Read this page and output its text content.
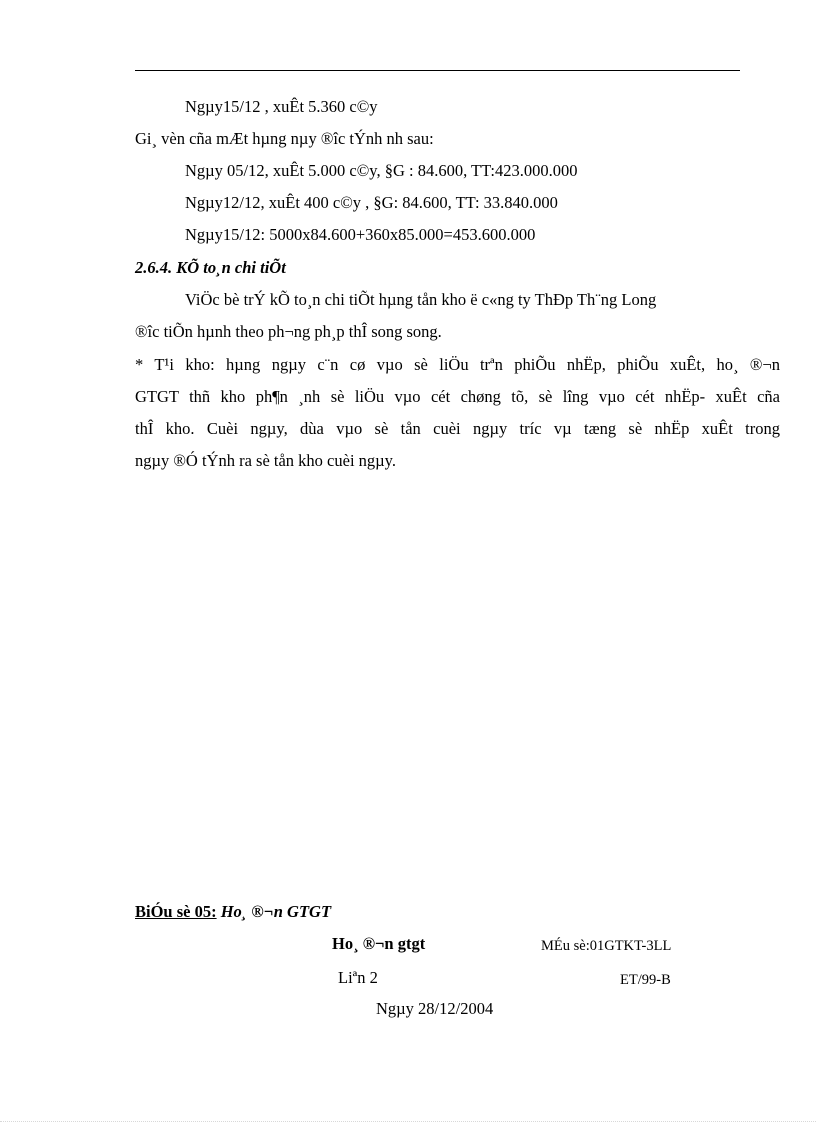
Ngµy15/12 , xuÊt 5.360 c©y
Gi¸ vèn cña mÆt hµng nµy ®îc tÝnh nh sau:
Ngµy 05/12, xuÊt 5.000 c©y, §G : 84.600, TT:423.000.000
Ngµy12/12, xuÊt 400 c©y , §G: 84.600, TT: 33.840.000
Ngµy15/12: 5000x84.600+360x85.000=453.600.000
2.6.4. KÕ to¸n chi tiÕt
ViÖc bè trÝ kÕ to¸n chi tiÕt hµng tån kho ë c«ng ty ThÐp Th¨ng Long
®îc tiÕn hµnh theo ph¬ng ph¸p thÎ song song.
* T¹i kho: hµng ngµy c¨n cø vµo sè liÖu trªn phiÕu nhËp, phiÕu xuÊt, ho¸ ®¬n
GTGT thñ kho ph¶n ¸nh sè liÖu vµo cét chøng tõ, sè lîng vµo cét nhËp- xuÊt cña
thÎ kho. Cuèi ngµy, dùa vµo sè tån cuèi ngµy tríc vµ tæng sè nhËp xuÊt trong
ngµy ®Ó tÝnh ra sè tån kho cuèi ngµy.
BiÓu sè 05: Ho¸ ®¬n GTGT
Ho¸ ®¬n gtgt	MÉu sè:01GTKT-3LL
Liªn 2	ET/99-B
Ngµy 28/12/2004
